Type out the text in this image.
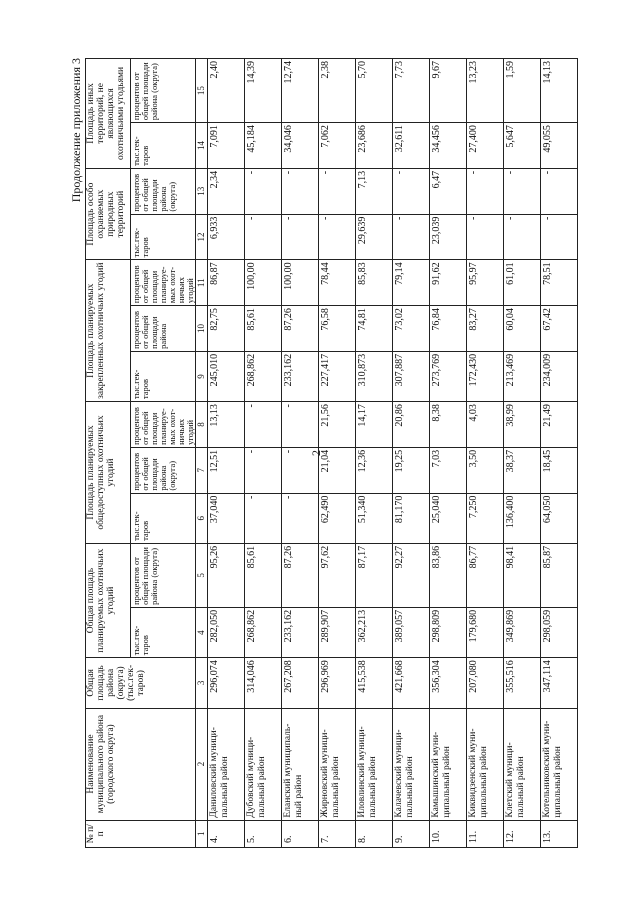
2
Продолжение приложения 3
№ п/п	Наименование муниципального района (городского округа)	Общая площадь района (округа) (тыс.гек-таров)	Общая площадь планируемых охотничьих угодий		Площадь планируемых общедоступных охотничьих угодий			Площадь планируемых закрепленных охотничьих угодий			Площадь особо охраняемых природных территорий		Площадь иных территорий, не являющихся охотничьими угодьями	
			тыс.гек-таров	процентов от общей площади района (округа)	тыс.гек-таров	процентов от общей площади района (округа)	процентов от общей площади планируе-мых охот-ничьих угодий	тыс.гек-таров	процентов от общей площади района	процентов от общей площади планируе-мых охот-ничьих угодий	тыс.гек-таров	процентов от общей площади района (округа)	тыс.гек-таров	процентов от общей площади района (округа)
1	2	3	4	5	6	7	8	9	10	11	12	13	14	15
4.	Даниловский муници-пальный район	296,074	282,050	95,26	37,040	12,51	13,13	245,010	82,75	86,87	6,933	2,34	7,091	2,40
5.	Дубовский муници-пальный район	314,046	268,862	85,61	-	-	-	268,862	85,61	100,00	-	-	45,184	14,39
6.	Еланский муниципаль-ный район	267,208	233,162	87,26	-	-	-	233,162	87,26	100,00	-	-	34,046	12,74
7.	Жирновский муници-пальный район	296,969	289,907	97,62	62,490	21,04	21,56	227,417	76,58	78,44	-	-	7,062	2,38
8.	Иловлинский муници-пальный район	415,538	362,213	87,17	51,340	12,36	14,17	310,873	74,81	85,83	29,639	7,13	23,686	5,70
9.	Калачевский муници-пальный район	421,668	389,057	92,27	81,170	19,25	20,86	307,887	73,02	79,14	-	-	32,611	7,73
10.	Камышинский муни-ципальный район	356,304	298,809	83,86	25,040	7,03	8,38	273,769	76,84	91,62	23,039	6,47	34,456	9,67
11.	Киквидзенский муни-ципальный район	207,080	179,680	86,77	7,250	3,50	4,03	172,430	83,27	95,97	-	-	27,400	13,23
12.	Клетский муници-пальный район	355,516	349,869	98,41	136,400	38,37	38,99	213,469	60,04	61,01	-	-	5,647	1,59
13.	Котельниковский муни-ципальный район	347,114	298,059	85,87	64,050	18,45	21,49	234,009	67,42	78,51	-	-	49,055	14,13
